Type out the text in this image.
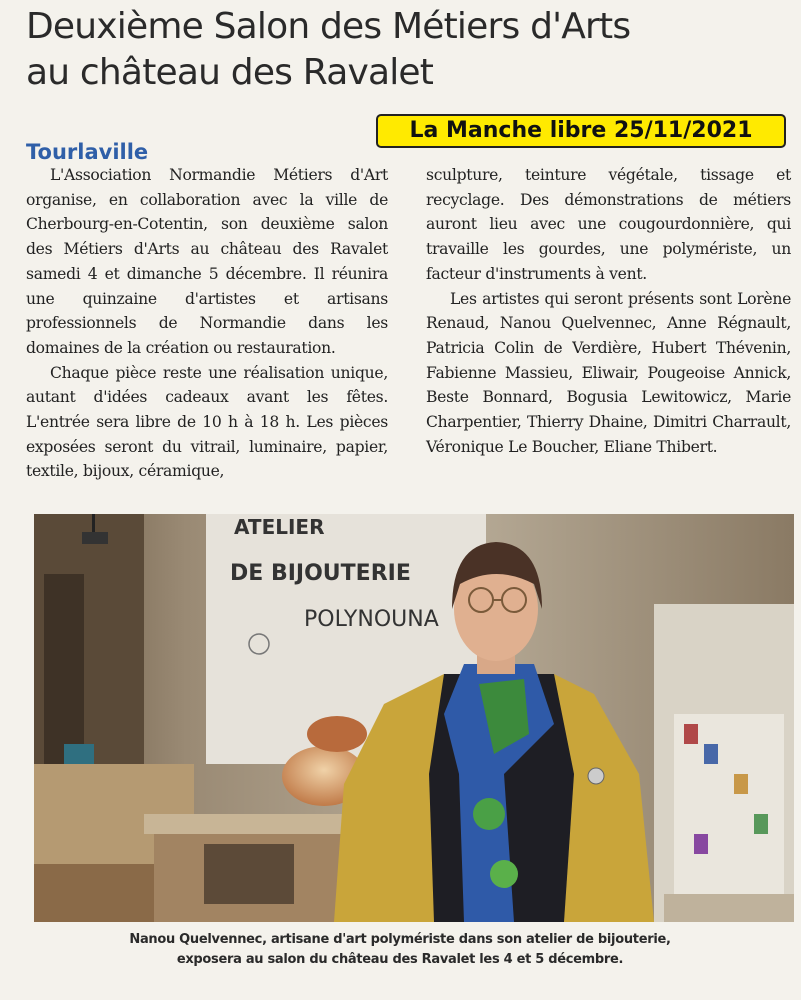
Deuxième Salon des Métiers d'Arts
au château des Ravalet
La Manche libre 25/11/2021
Tourlaville

L'Association Normandie Métiers d'Art organise, en collaboration avec la ville de Cherbourg-en-Cotentin, son deuxième salon des Métiers d'Arts au château des Ravalet samedi 4 et dimanche 5 décembre. Il réunira une quinzaine d'artistes et artisans professionnels de Normandie dans les domaines de la création ou restauration.

Chaque pièce reste une réalisation unique, autant d'idées cadeaux avant les fêtes. L'entrée sera libre de 10 h à 18 h. Les pièces exposées seront du vitrail, luminaire, papier, textile, bijoux, céramique,

sculpture, teinture végétale, tissage et recyclage. Des démonstrations de métiers auront lieu avec une cougourdonnière, qui travaille les gourdes, une polymériste, un facteur d'instruments à vent.

Les artistes qui seront présents sont Lorène Renaud, Nanou Quelvennec, Anne Régnault, Patricia Colin de Verdière, Hubert Thévenin, Fabienne Massieu, Eliwair, Pougeoise Annick, Beste Bonnard, Bogusia Lewitowicz, Marie Charpentier, Thierry Dhaine, Dimitri Charrault, Véronique Le Boucher, Eliane Thibert.

ATELIER
DE BIJOUTERIE
POLYNOUNA
Nanou Quelvennec, artisane d'art polymériste dans son atelier de bijouterie,
exposera au salon du château des Ravalet les 4 et 5 décembre.
